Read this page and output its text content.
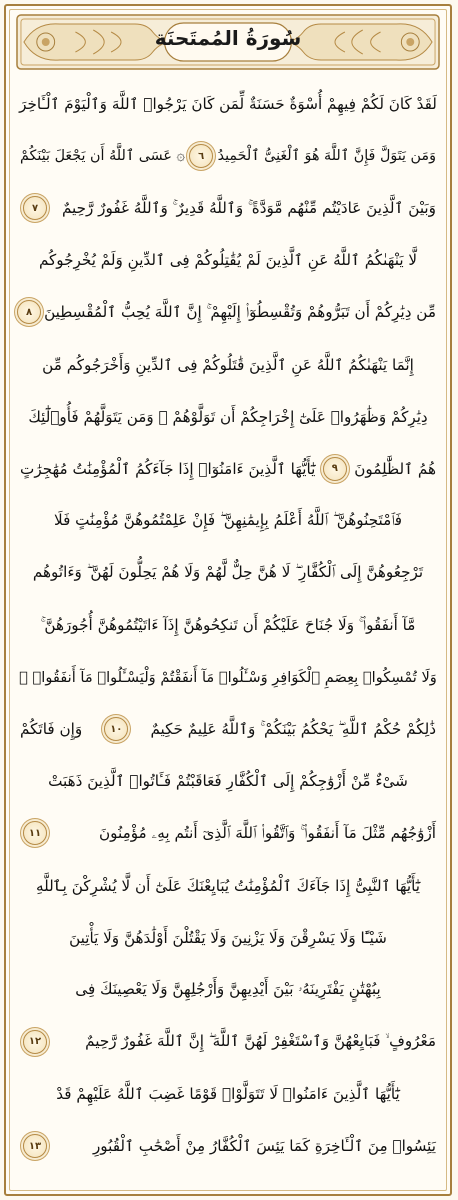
سُورَةُ المُمتَحنَة
لَقَدْ كَانَ لَكُمْ فِيهِمْ أُسْوَةٌ حَسَنَةٌ لِّمَن كَانَ يَرْجُوا۟ ٱللَّهَ وَٱلْيَوْمَ ٱلْـَٔاخِرَ
وَمَن يَتَوَلَّ فَإِنَّ ٱللَّهَ هُوَ ٱلْغَنِىُّ ٱلْحَمِيدُ
٦
۞ عَسَى ٱللَّهُ أَن يَجْعَلَ بَيْنَكُمْ
وَبَيْنَ ٱلَّذِينَ عَادَيْتُم مِّنْهُم مَّوَدَّةً ۚ وَٱللَّهُ قَدِيرٌ ۚ وَٱللَّهُ غَفُورٌ رَّحِيمٌ
٧
لَّا يَنْهَىٰكُمُ ٱللَّهُ عَنِ ٱلَّذِينَ لَمْ يُقَٰتِلُوكُمْ فِى ٱلدِّينِ وَلَمْ يُخْرِجُوكُم
مِّن دِيَٰرِكُمْ أَن تَبَرُّوهُمْ وَتُقْسِطُوٓا۟ إِلَيْهِمْ ۚ إِنَّ ٱللَّهَ يُحِبُّ ٱلْمُقْسِطِينَ
٨
إِنَّمَا يَنْهَىٰكُمُ ٱللَّهُ عَنِ ٱلَّذِينَ قَٰتَلُوكُمْ فِى ٱلدِّينِ وَأَخْرَجُوكُم مِّن
دِيَٰرِكُمْ وَظَٰهَرُوا۟ عَلَىٰٓ إِخْرَاجِكُمْ أَن تَوَلَّوْهُمْ ۚ وَمَن يَتَوَلَّهُمْ فَأُو۟لَٰٓئِكَ
هُمُ ٱلظَّٰلِمُونَ
٩
يَٰٓأَيُّهَا ٱلَّذِينَ ءَامَنُوٓا۟ إِذَا جَآءَكُمُ ٱلْمُؤْمِنَٰتُ مُهَٰجِرَٰتٍ
فَٱمْتَحِنُوهُنَّ ۖ ٱللَّهُ أَعْلَمُ بِإِيمَٰنِهِنَّ ۖ فَإِنْ عَلِمْتُمُوهُنَّ مُؤْمِنَٰتٍ فَلَا
تَرْجِعُوهُنَّ إِلَى ٱلْكُفَّارِ ۖ لَا هُنَّ حِلٌّ لَّهُمْ وَلَا هُمْ يَحِلُّونَ لَهُنَّ ۖ وَءَاتُوهُم
مَّآ أَنفَقُوا۟ ۚ وَلَا جُنَاحَ عَلَيْكُمْ أَن تَنكِحُوهُنَّ إِذَآ ءَاتَيْتُمُوهُنَّ أُجُورَهُنَّ ۚ
وَلَا تُمْسِكُوا۟ بِعِصَمِ ٱلْكَوَافِرِ وَسْـَٔلُوا۟ مَآ أَنفَقْتُمْ وَلْيَسْـَٔلُوا۟ مَآ أَنفَقُوا۟ ۚ
ذَٰلِكُمْ حُكْمُ ٱللَّهِ ۖ يَحْكُمُ بَيْنَكُمْ ۚ وَٱللَّهُ عَلِيمٌ حَكِيمٌ
١٠
وَإِن فَاتَكُمْ
شَىْءٌ مِّنْ أَزْوَٰجِكُمْ إِلَى ٱلْكُفَّارِ فَعَاقَبْتُمْ فَـَٔاتُوا۟ ٱلَّذِينَ ذَهَبَتْ
أَزْوَٰجُهُم مِّثْلَ مَآ أَنفَقُوا۟ ۚ وَٱتَّقُوا۟ ٱللَّهَ ٱلَّذِىٓ أَنتُم بِهِۦ مُؤْمِنُونَ
١١
يَٰٓأَيُّهَا ٱلنَّبِىُّ إِذَا جَآءَكَ ٱلْمُؤْمِنَٰتُ يُبَايِعْنَكَ عَلَىٰٓ أَن لَّا يُشْرِكْنَ بِٱللَّهِ
شَيْـًٔا وَلَا يَسْرِقْنَ وَلَا يَزْنِينَ وَلَا يَقْتُلْنَ أَوْلَٰدَهُنَّ وَلَا يَأْتِينَ
بِبُهْتَٰنٍ يَفْتَرِينَهُۥ بَيْنَ أَيْدِيهِنَّ وَأَرْجُلِهِنَّ وَلَا يَعْصِينَكَ فِى
مَعْرُوفٍ ۙ فَبَايِعْهُنَّ وَٱسْتَغْفِرْ لَهُنَّ ٱللَّهَ ۖ إِنَّ ٱللَّهَ غَفُورٌ رَّحِيمٌ
١٢
يَٰٓأَيُّهَا ٱلَّذِينَ ءَامَنُوا۟ لَا تَتَوَلَّوْا۟ قَوْمًا غَضِبَ ٱللَّهُ عَلَيْهِمْ قَدْ
يَئِسُوا۟ مِنَ ٱلْـَٔاخِرَةِ كَمَا يَئِسَ ٱلْكُفَّارُ مِنْ أَصْحَٰبِ ٱلْقُبُورِ
١٣
